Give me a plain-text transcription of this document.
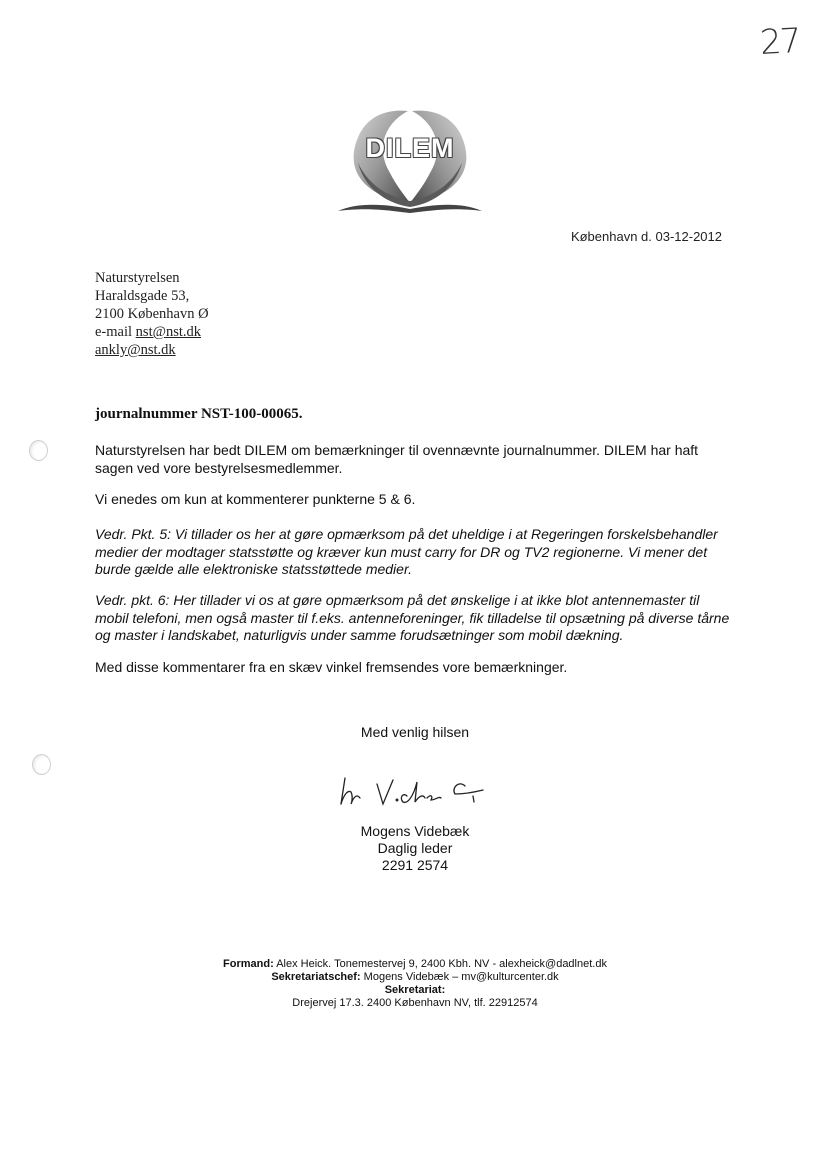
27
DILEM
København d. 03-12-2012
Naturstyrelsen
Haraldsgade 53,
2100 København Ø
e-mail nst@nst.dk
ankly@nst.dk
journalnummer NST-100-00065.
Naturstyrelsen har bedt DILEM om bemærkninger til ovennævnte journalnummer. DILEM har haft sagen ved vore bestyrelsesmedlemmer.
Vi enedes om kun at kommenterer punkterne 5 & 6.
Vedr. Pkt. 5: Vi tillader os her at gøre opmærksom på det uheldige i at Regeringen forskelsbehandler medier der modtager statsstøtte og kræver kun must carry for DR og TV2 regionerne. Vi mener det burde gælde alle elektroniske statsstøttede medier.
Vedr. pkt. 6: Her tillader vi os at gøre opmærksom på det ønskelige i at ikke blot antennemaster til mobil telefoni, men også master til f.eks. antenneforeninger, fik tilladelse til opsætning på diverse tårne og master i landskabet, naturligvis under samme forudsætninger som mobil dækning.
Med disse kommentarer fra en skæv vinkel fremsendes vore bemærkninger.
Med venlig hilsen
Mogens Videbæk
Daglig leder
2291 2574
Formand: Alex Heick. Tonemestervej 9, 2400 Kbh. NV - alexheick@dadlnet.dk
Sekretariatschef: Mogens Videbæk – mv@kulturcenter.dk
Sekretariat:
Drejervej 17.3. 2400 København NV, tlf. 22912574
